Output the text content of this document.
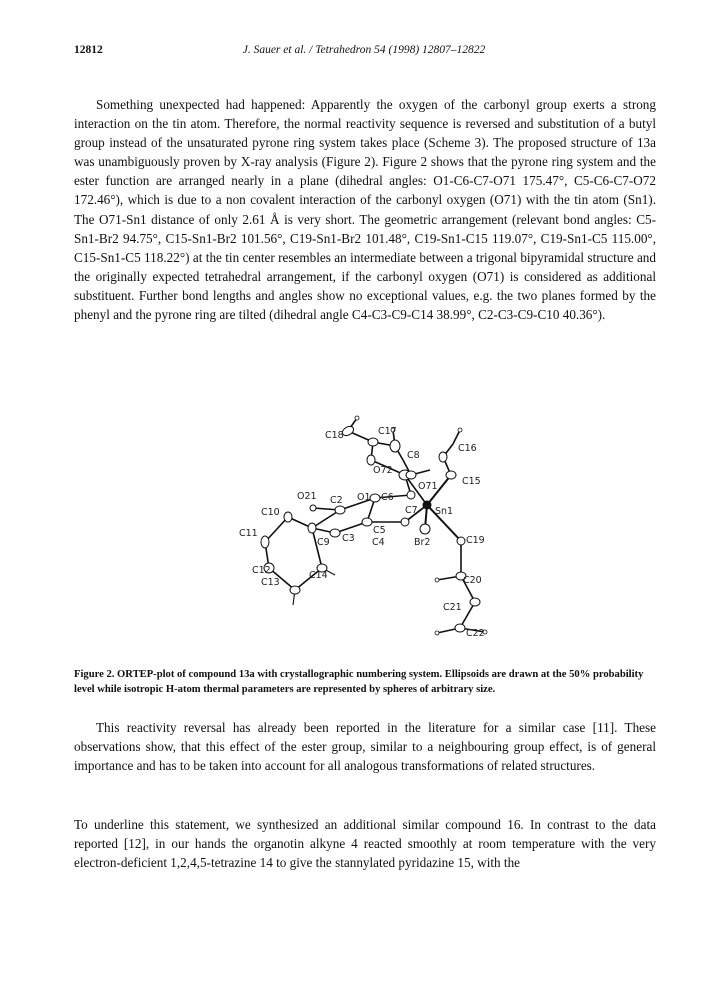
12812	J. Sauer et al. / Tetrahedron 54 (1998) 12807–12822

Something unexpected had happened: Apparently the oxygen of the carbonyl group exerts a strong interaction on the tin atom. Therefore, the normal reactivity sequence is reversed and substitution of a butyl group instead of the unsaturated pyrone ring system takes place (Scheme 3). The proposed structure of 13a was unambiguously proven by X-ray analysis (Figure 2). Figure 2 shows that the pyrone ring system and the ester function are arranged nearly in a plane (dihedral angles: O1-C6-C7-O71 175.47°, C5-C6-C7-O72 172.46°), which is due to a non covalent interaction of the carbonyl oxygen (O71) with the tin atom (Sn1). The O71-Sn1 distance of only 2.61 Å is very short. The geometric arrangement (relevant bond angles: C5-Sn1-Br2 94.75°, C15-Sn1-Br2 101.56°, C19-Sn1-Br2 101.48°, C19-Sn1-C15 119.07°, C19-Sn1-C5 115.00°, C15-Sn1-C5 118.22°) at the tin center resembles an intermediate between a trigonal bipyramidal structure and the originally expected tetrahedral arrangement, if the carbonyl oxygen (O71) is considered as additional substituent. Further bond lengths and angles show no exceptional values, e.g. the two planes formed by the phenyl and the pyrone ring are tilted (dihedral angle C4-C3-C9-C14 38.99°, C2-C3-C9-C10 40.36°).

C18	C17
C16
C8
O72
O71	C15
O21 C2 O1 C6
C7 Sn1
C10
C5
C11
C9 C3 C4	Br2	C19
C12	C14
C13	C20
C21
C22

Figure 2. ORTEP-plot of compound 13a with crystallographic numbering system. Ellipsoids are drawn at the 50% probability level while isotropic H-atom thermal parameters are represented by spheres of arbitrary size.

This reactivity reversal has already been reported in the literature for a similar case [11]. These observations show, that this effect of the ester group, similar to a neighbouring group effect, is of general importance and has to be taken into account for all analogous transformations of related structures.

To underline this statement, we synthesized an additional similar compound 16. In contrast to the data reported [12], in our hands the organotin alkyne 4 reacted smoothly at room temperature with the very electron-deficient 1,2,4,5-tetrazine 14 to give the stannylated pyridazine 15, with the
